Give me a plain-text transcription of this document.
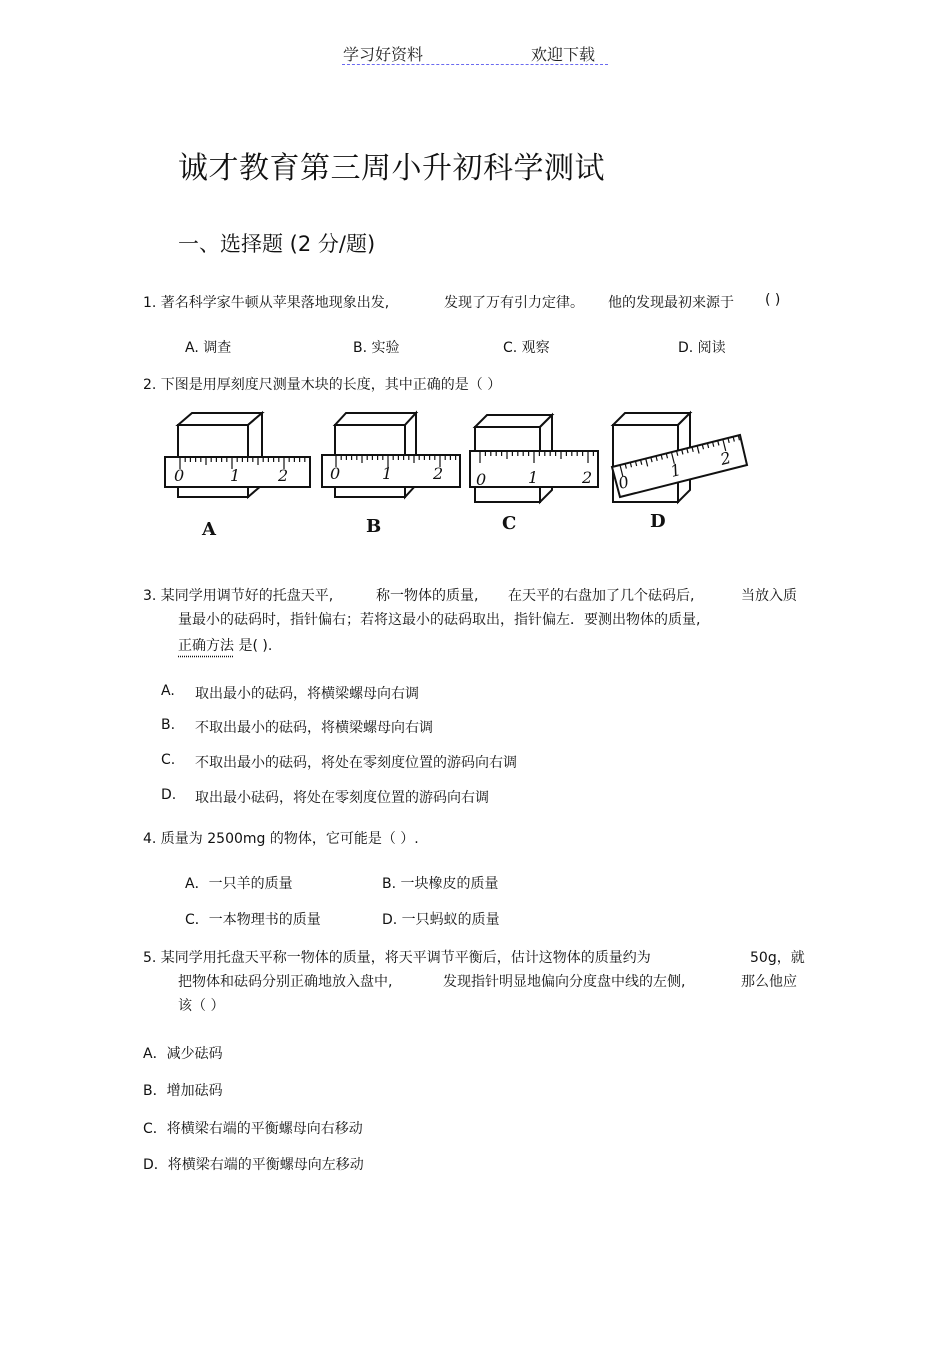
学习好资料	欢迎下载
诚才教育第三周小升初科学测试
一、选择题 (2 分/题)
1. 著名科学家牛顿从苹果落地现象出发,	发现了万有引力定律。 他的发现最初来源于 ( )
A. 调查	B. 实验	C. 观察	D. 阅读
2. 下图是用厚刻度尺测量木块的长度，其中正确的是（ ）
0	1 2	0	1	2 0	1	2 0
1
2
A	B	C	D
3. 某同学用调节好的托盘天平,	称一物体的质量, 在天平的右盘加了几个砝码后,	当放入质
量最小的砝码时，指针偏右；若将这最小的砝码取出，指针偏左．要测出物体的质量,
正确方法 是( ).
A. 取出最小的砝码，将横梁螺母向右调
B. 不取出最小的砝码，将横梁螺母向右调
C. 不取出最小的砝码，将处在零刻度位置的游码向右调
D. 取出最小砝码，将处在零刻度位置的游码向右调
4. 质量为 2500mg 的物体，它可能是（ ）.
A．一只羊的质量	B. 一块橡皮的质量
C．一本物理书的质量	D. 一只蚂蚁的质量
5. 某同学用托盘天平称一物体的质量，将天平调节平衡后，估计这物体的质量约为	50g，就
把物体和砝码分别正确地放入盘中,	发现指针明显地偏向分度盘中线的左侧,	那么他应
该（ ）
A．减少砝码
B．增加砝码
C．将横梁右端的平衡螺母向右移动
D．将横梁右端的平衡螺母向左移动
